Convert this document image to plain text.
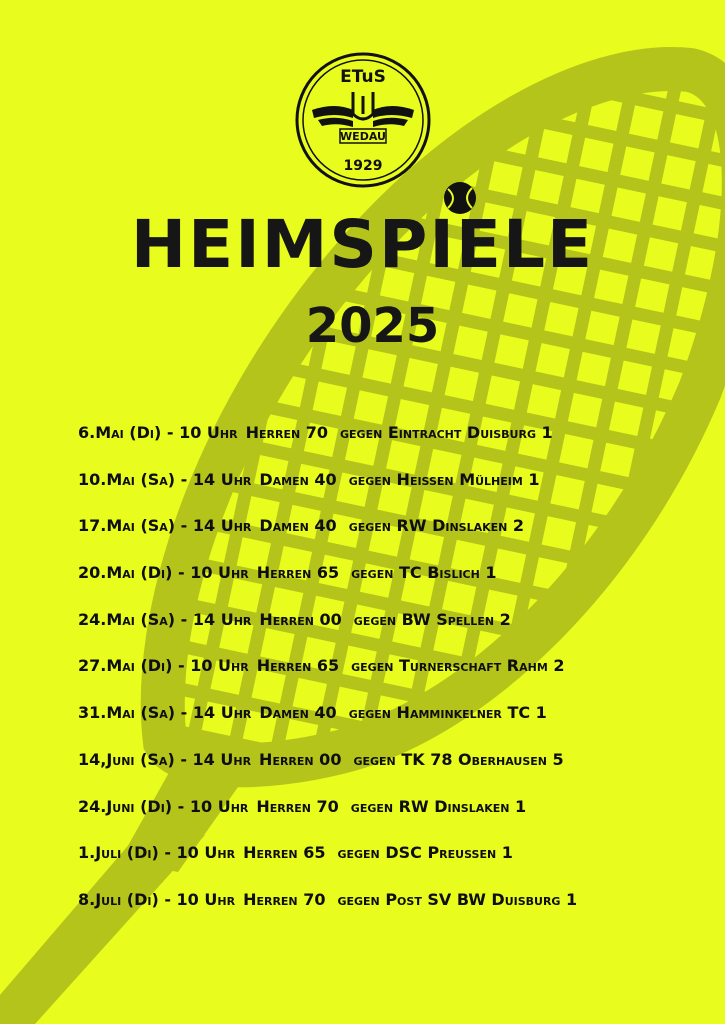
ETuS
WEDAU
1929
HEIMSPIELE
2025
6.Mai (Di) - 10 Uhr Herren 70 gegen Eintracht Duisburg 1
10.Mai (Sa) - 14 Uhr Damen 40 gegen Heißen Mülheim 1
17.Mai (Sa) - 14 Uhr Damen 40 gegen RW Dinslaken 2
20.Mai (Di) - 10 Uhr Herren 65 gegen TC Bislich 1
24.Mai (Sa) - 14 Uhr Herren 00 gegen BW Spellen 2
27.Mai (Di) - 10 Uhr Herren 65 gegen Turnerschaft Rahm 2
31.Mai (Sa) - 14 Uhr Damen 40 gegen Hamminkelner TC 1
14,Juni (Sa) - 14 Uhr Herren 00 gegen TK 78 Oberhausen 5
24.Juni (Di) - 10 Uhr Herren 70 gegen RW Dinslaken 1
1.Juli (Di) - 10 Uhr Herren 65 gegen DSC Preußen 1
8.Juli (Di) - 10 Uhr Herren 70 gegen Post SV BW Duisburg 1
